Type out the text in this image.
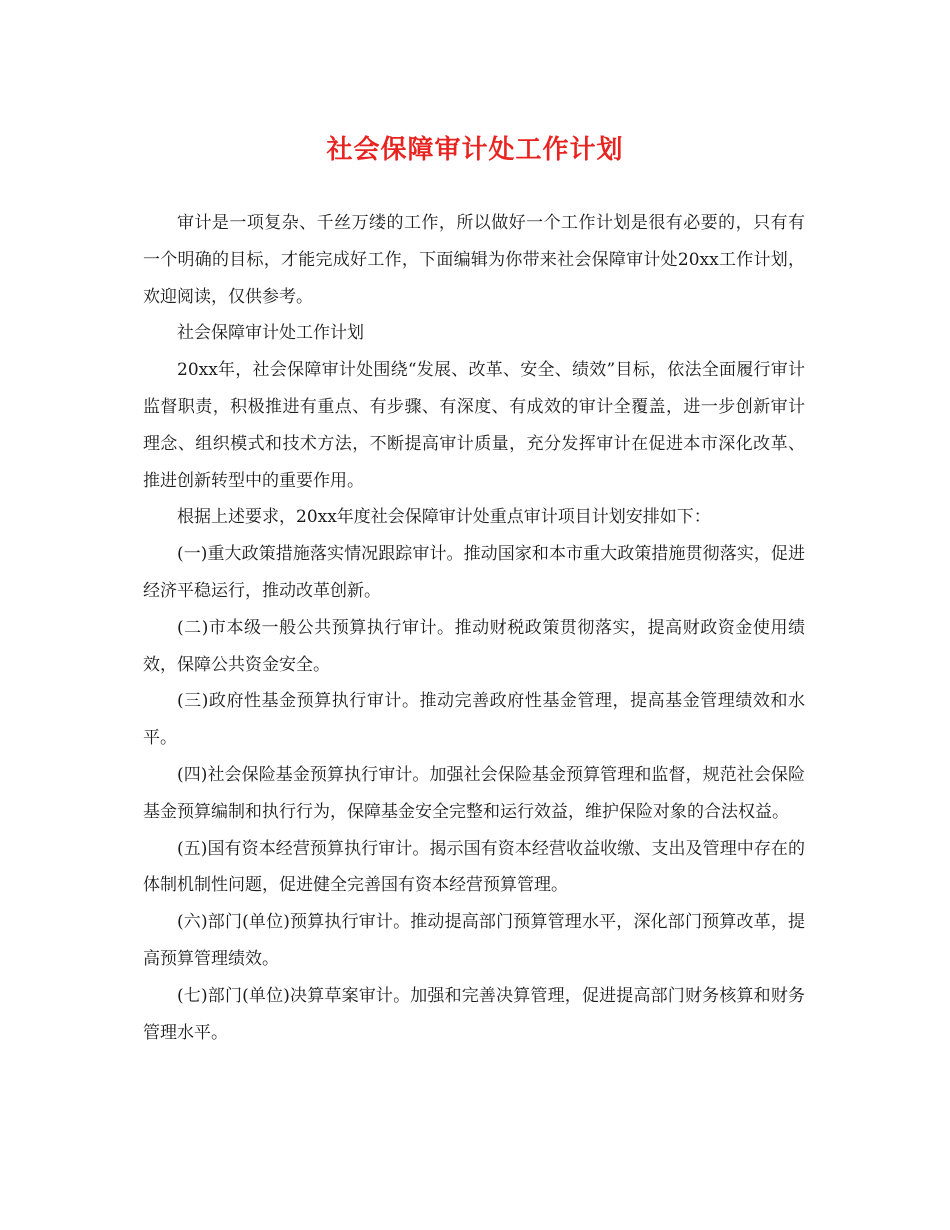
社会保障审计处工作计划

审计是一项复杂、千丝万缕的工作，所以做好一个工作计划是很有必要的，只有有一个明确的目标，才能完成好工作，下面编辑为你带来社会保障审计处20xx工作计划，欢迎阅读，仅供参考。

社会保障审计处工作计划

20xx年，社会保障审计处围绕“发展、改革、安全、绩效”目标，依法全面履行审计监督职责，积极推进有重点、有步骤、有深度、有成效的审计全覆盖，进一步创新审计理念、组织模式和技术方法，不断提高审计质量，充分发挥审计在促进本市深化改革、推进创新转型中的重要作用。

根据上述要求，20xx年度社会保障审计处重点审计项目计划安排如下：

(一)重大政策措施落实情况跟踪审计。推动国家和本市重大政策措施贯彻落实，促进经济平稳运行，推动改革创新。

(二)市本级一般公共预算执行审计。推动财税政策贯彻落实，提高财政资金使用绩效，保障公共资金安全。

(三)政府性基金预算执行审计。推动完善政府性基金管理，提高基金管理绩效和水平。

(四)社会保险基金预算执行审计。加强社会保险基金预算管理和监督，规范社会保险基金预算编制和执行行为，保障基金安全完整和运行效益，维护保险对象的合法权益。

(五)国有资本经营预算执行审计。揭示国有资本经营收益收缴、支出及管理中存在的体制机制性问题，促进健全完善国有资本经营预算管理。

(六)部门(单位)预算执行审计。推动提高部门预算管理水平，深化部门预算改革，提高预算管理绩效。

(七)部门(单位)决算草案审计。加强和完善决算管理，促进提高部门财务核算和财务管理水平。
